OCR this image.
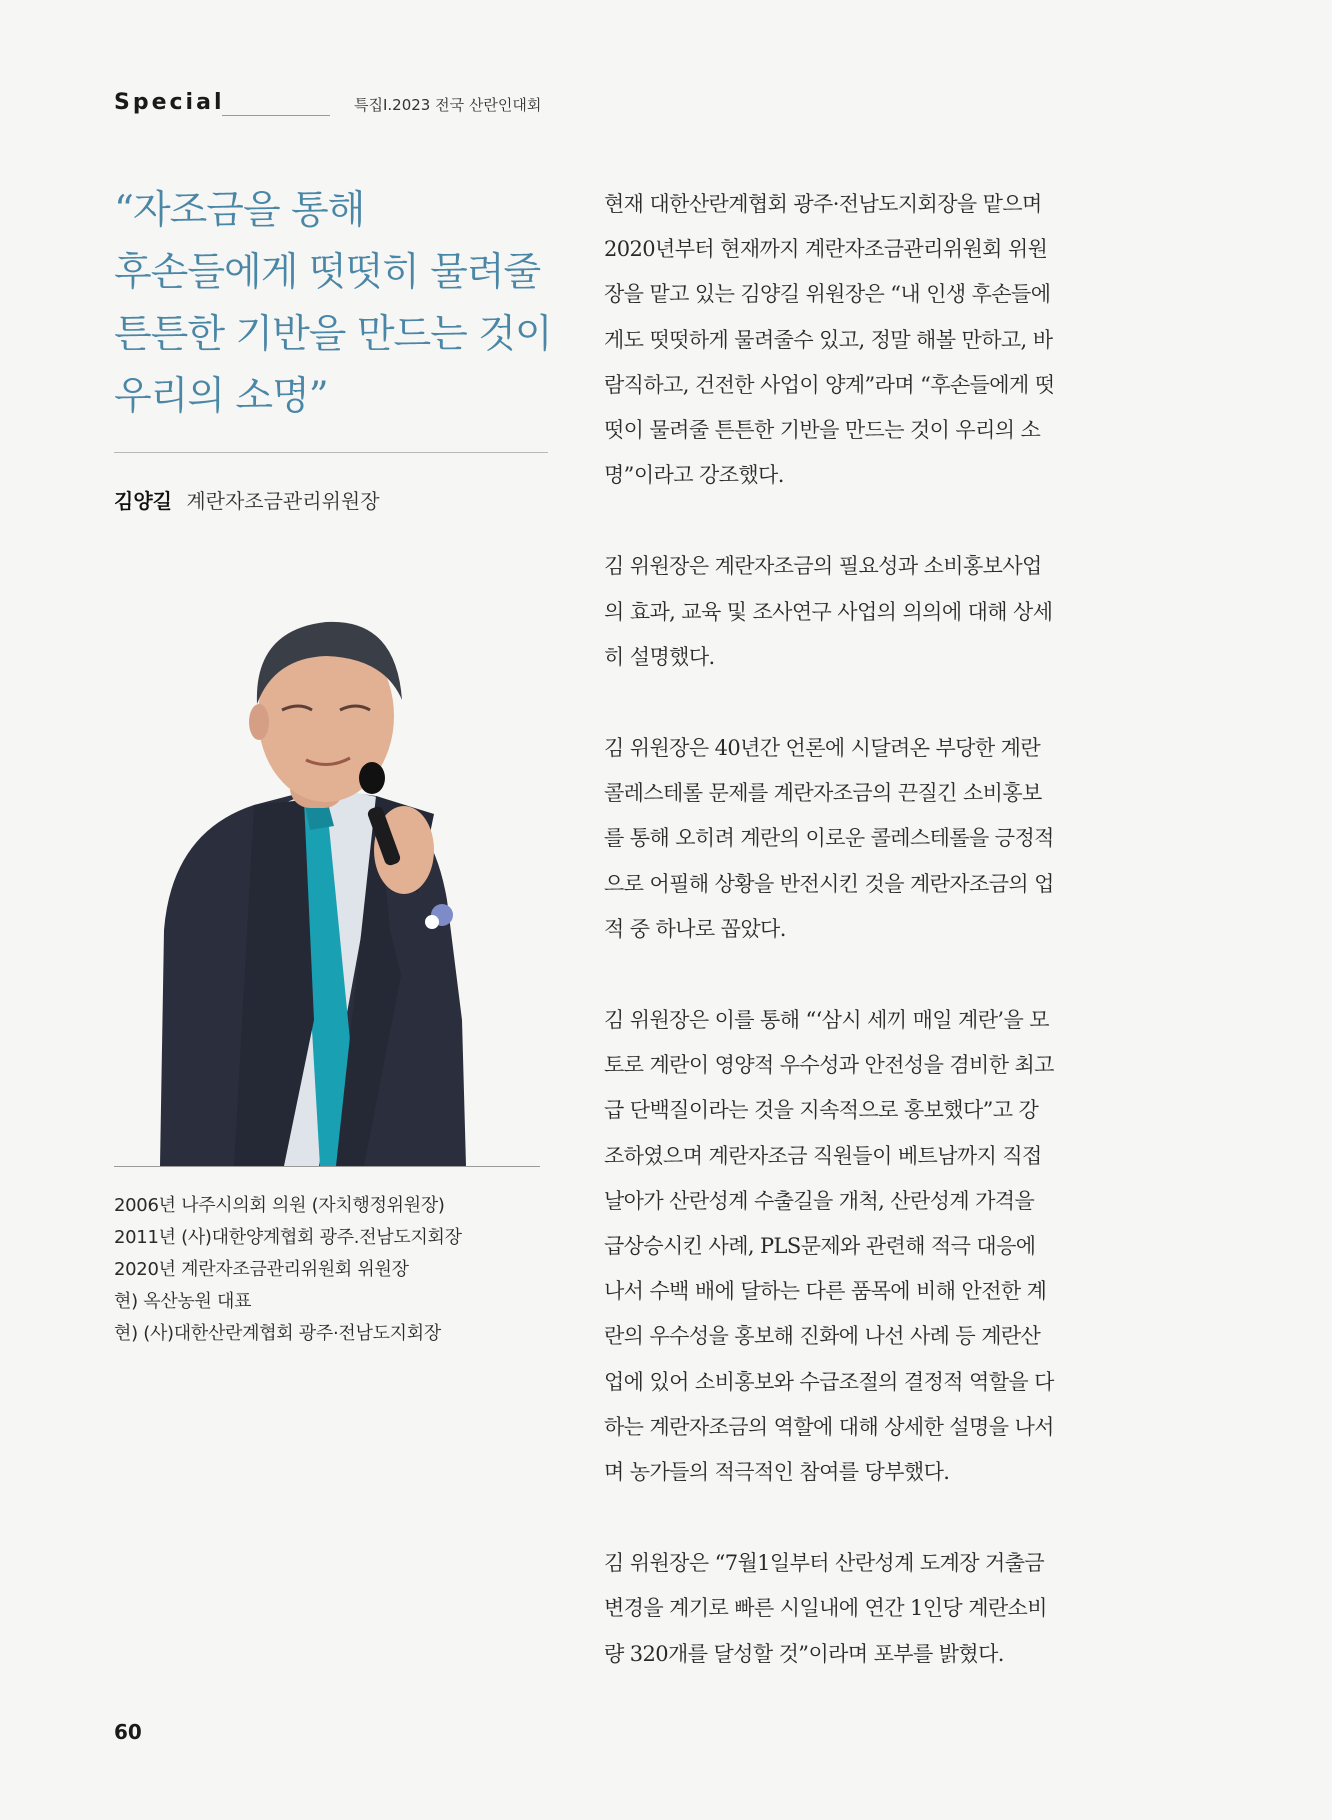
Special	특집Ⅰ.2023 전국 산란인대회
“자조금을 통해
후손들에게 떳떳히 물려줄
튼튼한 기반을 만드는 것이
우리의 소명”
김양길 계란자조금관리위원장
2006년 나주시의회 의원 (자치행정위원장)
2011년 (사)대한양계협회 광주.전남도지회장
2020년 계란자조금관리위원회 위원장
현) 옥산농원 대표
현) (사)대한산란계협회 광주·전남도지회장

현재 대한산란계협회 광주·전남도지회장을 맡으며
2020년부터 현재까지 계란자조금관리위원회 위원
장을 맡고 있는 김양길 위원장은 “내 인생 후손들에
게도 떳떳하게 물려줄수 있고, 정말 해볼 만하고, 바
람직하고, 건전한 사업이 양계”라며 “후손들에게 떳
떳이 물려줄 튼튼한 기반을 만드는 것이 우리의 소
명”이라고 강조했다.

김 위원장은 계란자조금의 필요성과 소비홍보사업
의 효과, 교육 및 조사연구 사업의 의의에 대해 상세
히 설명했다.

김 위원장은 40년간 언론에 시달려온 부당한 계란
콜레스테롤 문제를 계란자조금의 끈질긴 소비홍보
를 통해 오히려 계란의 이로운 콜레스테롤을 긍정적
으로 어필해 상황을 반전시킨 것을 계란자조금의 업
적 중 하나로 꼽았다.

김 위원장은 이를 통해 “‘삼시 세끼 매일 계란’을 모
토로 계란이 영양적 우수성과 안전성을 겸비한 최고
급 단백질이라는 것을 지속적으로 홍보했다”고 강
조하였으며 계란자조금 직원들이 베트남까지 직접
날아가 산란성계 수출길을 개척, 산란성계 가격을
급상승시킨 사례, PLS문제와 관련해 적극 대응에
나서 수백 배에 달하는 다른 품목에 비해 안전한 계
란의 우수성을 홍보해 진화에 나선 사례 등 계란산
업에 있어 소비홍보와 수급조절의 결정적 역할을 다
하는 계란자조금의 역할에 대해 상세한 설명을 나서
며 농가들의 적극적인 참여를 당부했다.

김 위원장은 “7월1일부터 산란성계 도계장 거출금
변경을 계기로 빠른 시일내에 연간 1인당 계란소비
량 320개를 달성할 것”이라며 포부를 밝혔다.

60
